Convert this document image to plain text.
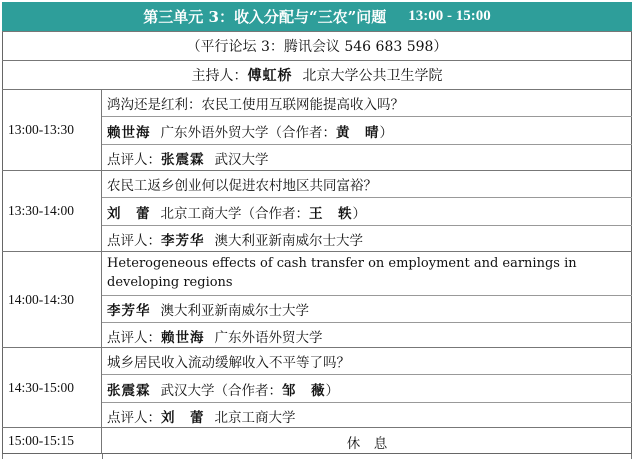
第三单元 3：收入分配与“三农”问题 13:00 - 15:00
（平行论坛 3：腾讯会议 546 683 598）
主持人： 傅虹桥 北京大学公共卫生学院
13:00-13:30
鸿沟还是红利：农民工使用互联网能提高收入吗？
赖世海 广东外语外贸大学（合作者： 黄　晴 ）
点评人： 张震霖 武汉大学
13:30-14:00
农民工返乡创业何以促进农村地区共同富裕？
刘　蕾 北京工商大学（合作者： 王　轶 ）
点评人： 李芳华 澳大利亚新南威尔士大学
14:00-14:30
Heterogeneous effects of cash transfer on employment and earnings in developing regions
李芳华 澳大利亚新南威尔士大学
点评人： 赖世海 广东外语外贸大学
14:30-15:00
城乡居民收入流动缓解收入不平等了吗？
张震霖 武汉大学（合作者： 邹　薇 ）
点评人： 刘　蕾 北京工商大学
15:00-15:15	休　息
